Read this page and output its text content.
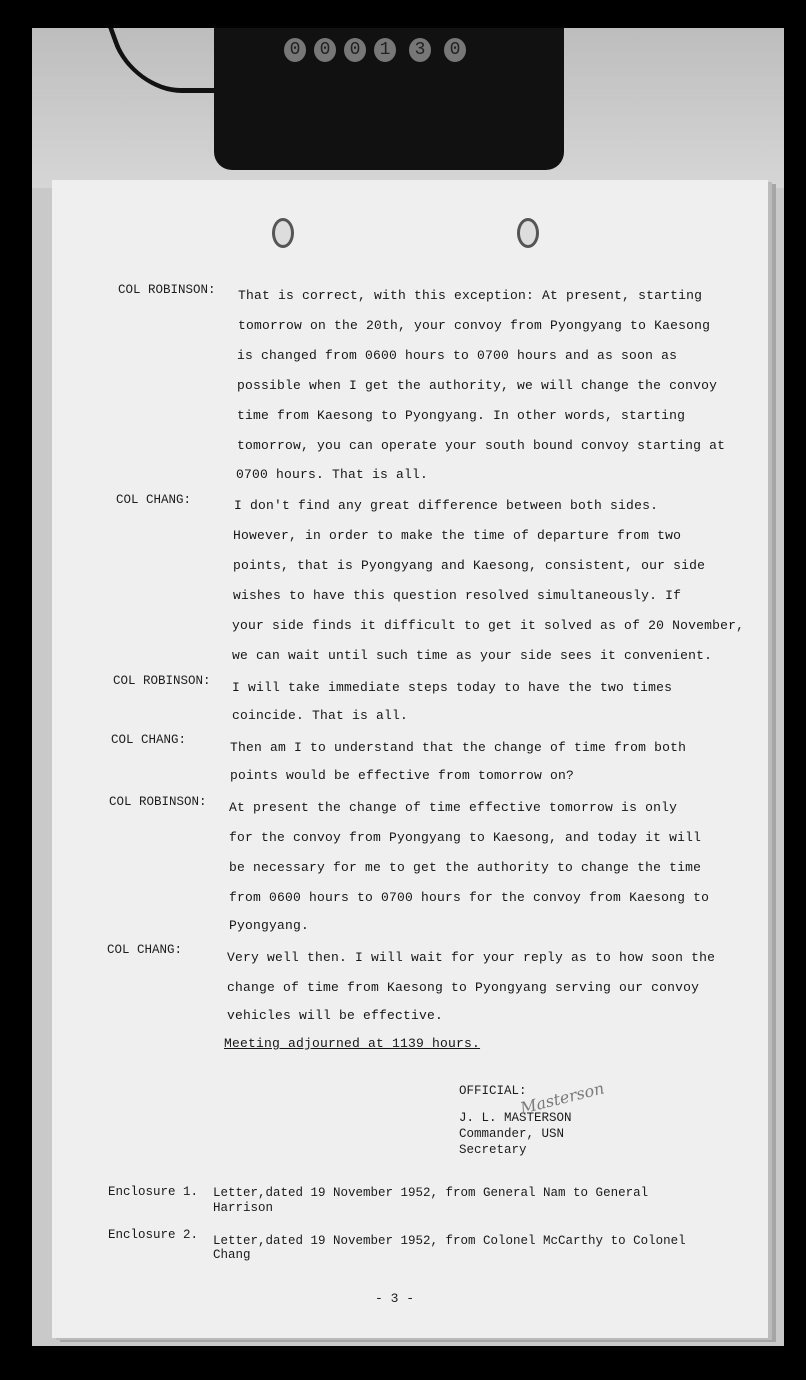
0	0	0	1	3	0
COL ROBINSON: That is correct, with this exception: At present, starting
tomorrow on the 20th, your convoy from Pyongyang to Kaesong
is changed from 0600 hours to 0700 hours and as soon as
possible when I get the authority, we will change the convoy
time from Kaesong to Pyongyang. In other words, starting
tomorrow, you can operate your south bound convoy starting at
0700 hours. That is all.
COL CHANG:	I don't find any great difference between both sides.
However, in order to make the time of departure from two
points, that is Pyongyang and Kaesong, consistent, our side
wishes to have this question resolved simultaneously. If
your side finds it difficult to get it solved as of 20 November,
we can wait until such time as your side sees it convenient.
COL ROBINSON: I will take immediate steps today to have the two times
coincide. That is all.
COL CHANG:	Then am I to understand that the change of time from both
points would be effective from tomorrow on?
COL ROBINSON: At present the change of time effective tomorrow is only
for the convoy from Pyongyang to Kaesong, and today it will
be necessary for me to get the authority to change the time
from 0600 hours to 0700 hours for the convoy from Kaesong to
Pyongyang.
COL CHANG:	Very well then. I will wait for your reply as to how soon the
change of time from Kaesong to Pyongyang serving our convoy
vehicles will be effective.
Meeting adjourned at 1139 hours.
OFFICIAL:
J. L. MASTERSON
Commander, USN
Secretary
Masterson
Enclosure 1. Letter,dated 19 November 1952, from General Nam to General
Harrison
Enclosure 2. Letter,dated 19 November 1952, from Colonel McCarthy to Colonel
Chang
- 3 -
